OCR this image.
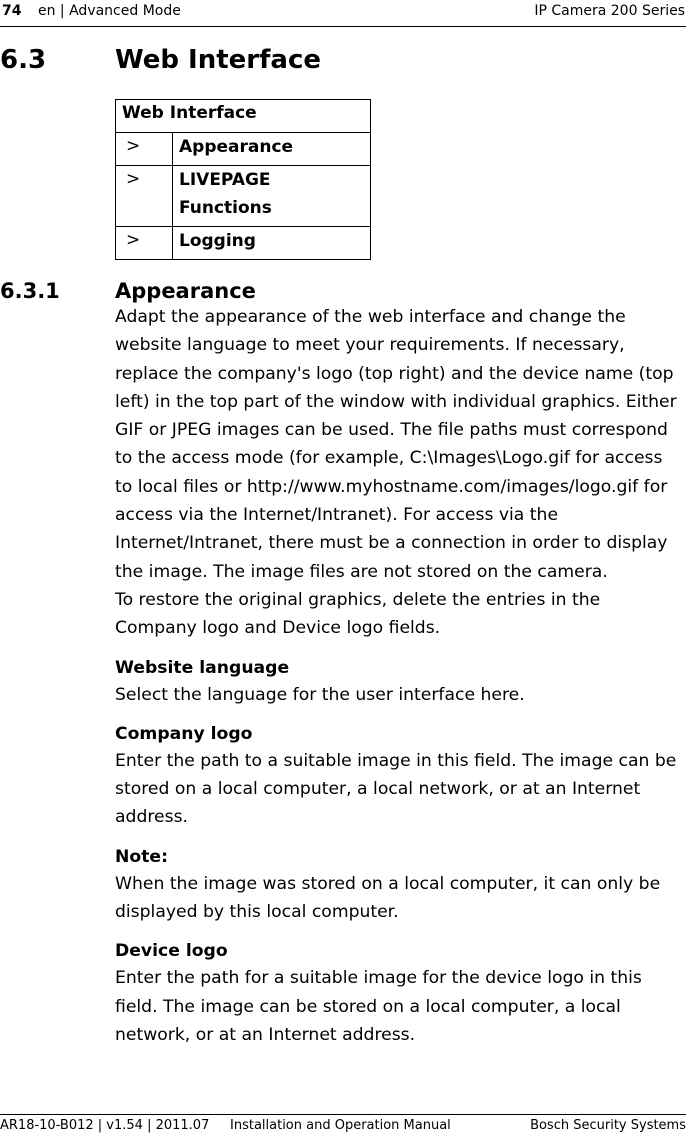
74 en | Advanced Mode	IP Camera 200 Series
6.3	Web Interface
Web Interface	
>	Appearance
>	LIVEPAGE Functions
>	Logging
6.3.1	Appearance

Adapt the appearance of the web interface and change the website language to meet your requirements. If necessary, replace the company's logo (top right) and the device name (top left) in the top part of the window with individual graphics. Either GIF or JPEG images can be used. The file paths must correspond to the access mode (for example, C:\Images\Logo.gif for access to local files or http://www.myhostname.com/images/logo.gif for access via the Internet/Intranet). For access via the Internet/Intranet, there must be a connection in order to display the image. The image files are not stored on the camera.

To restore the original graphics, delete the entries in the Company logo and Device logo fields.

Website language

Select the language for the user interface here.

Company logo

Enter the path to a suitable image in this field. The image can be stored on a local computer, a local network, or at an Internet address.

Note:

When the image was stored on a local computer, it can only be displayed by this local computer.

Device logo

Enter the path for a suitable image for the device logo in this field. The image can be stored on a local computer, a local network, or at an Internet address.

AR18-10-B012 | v1.54 | 2011.07 Installation and Operation Manual	Bosch Security Systems
